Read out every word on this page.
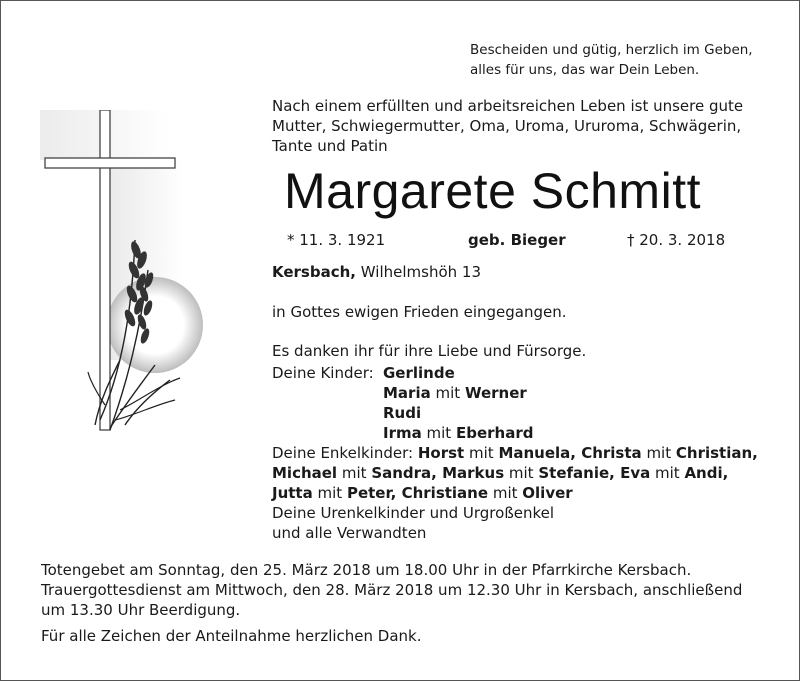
Bescheiden und gütig, herzlich im Geben,
alles für uns, das war Dein Leben.
Nach einem erfüllten und arbeitsreichen Leben ist unsere gute
Mutter, Schwiegermutter, Oma, Uroma, Ururoma, Schwägerin,
Tante und Patin
Margarete Schmitt
* 11. 3. 1921	geb. Bieger	† 20. 3. 2018
Kersbach, Wilhelmshöh 13
in Gottes ewigen Frieden eingegangen.
Es danken ihr für ihre Liebe und Fürsorge.
Deine Kinder: Gerlinde
Maria mit Werner
Rudi
Irma mit Eberhard
Deine Enkelkinder: Horst mit Manuela, Christa mit Christian,
Michael mit Sandra, Markus mit Stefanie, Eva mit Andi,
Jutta mit Peter, Christiane mit Oliver
Deine Urenkelkinder und Urgroßenkel
und alle Verwandten
Totengebet am Sonntag, den 25. März 2018 um 18.00 Uhr in der Pfarrkirche Kersbach.
Trauergottesdienst am Mittwoch, den 28. März 2018 um 12.30 Uhr in Kersbach, anschließend
um 13.30 Uhr Beerdigung.
Für alle Zeichen der Anteilnahme herzlichen Dank.
